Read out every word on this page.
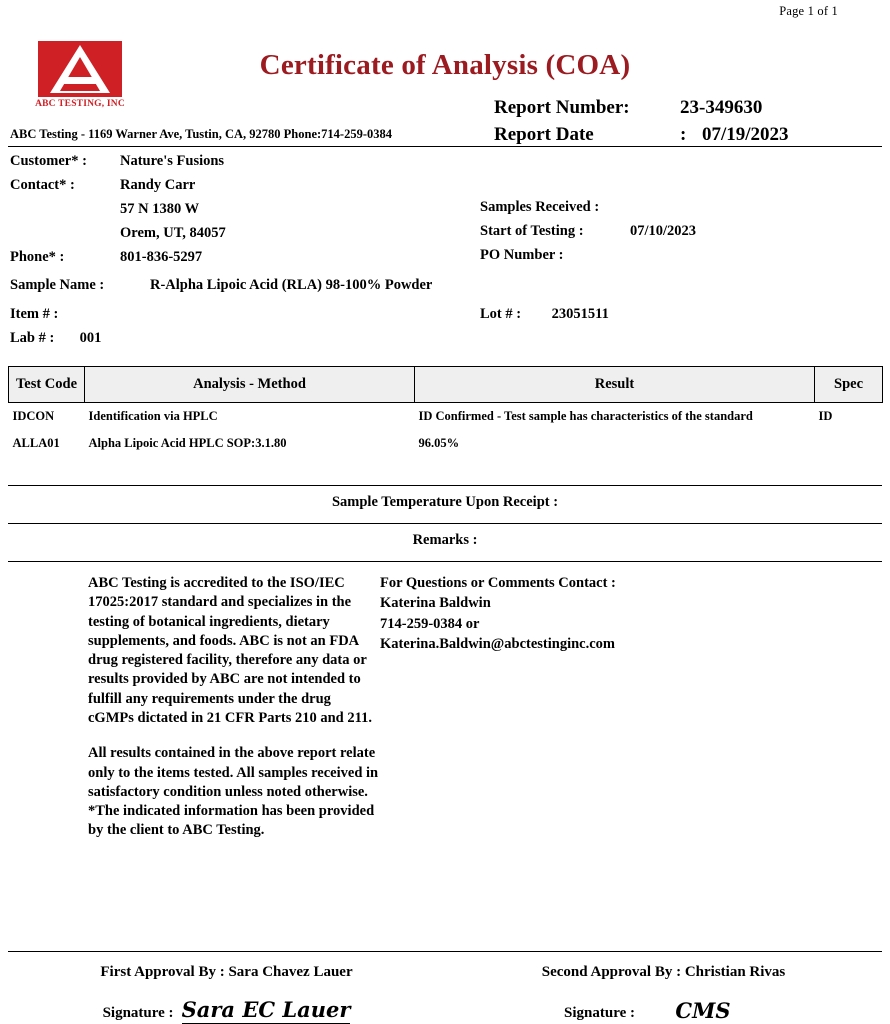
Page 1 of 1
ABC TESTING, INC
Certificate of Analysis (COA)
Report Number:	23-349630
Report Date	: 07/19/2023
ABC Testing - 1169 Warner Ave, Tustin, CA, 92780 Phone:714-259-0384
Customer* :	Nature's Fusions
Contact* :	Randy Carr
57 N 1380 W
Orem, UT, 84057
Phone* :	801-836-5297
Samples Received :
Start of Testing :	07/10/2023
PO Number :
Sample Name :	R-Alpha Lipoic Acid (RLA) 98-100% Powder
Item # :
Lab # : 001
Lot # : 23051511
Test Code	Analysis - Method	Result	Spec
IDCON	Identification via HPLC	ID Confirmed - Test sample has characteristics of the standard	ID
ALLA01	Alpha Lipoic Acid HPLC SOP:3.1.80	96.05%	
Sample Temperature Upon Receipt :
Remarks :

ABC Testing is accredited to the ISO/IEC 17025:2017 standard and specializes in the testing of botanical ingredients, dietary supplements, and foods. ABC is not an FDA drug registered facility, therefore any data or results provided by ABC are not intended to fulfill any requirements under the drug cGMPs dictated in 21 CFR Parts 210 and 211.

All results contained in the above report relate only to the items tested. All samples received in satisfactory condition unless noted otherwise. *The indicated information has been provided by the client to ABC Testing.

For Questions or Comments Contact :
Katerina Baldwin
714-259-0384 or
Katerina.Baldwin@abctestinginc.com
First Approval By : Sara Chavez Lauer	Second Approval By : Christian Rivas
Signature : Sara EC Lauer	Signature :	CMS
